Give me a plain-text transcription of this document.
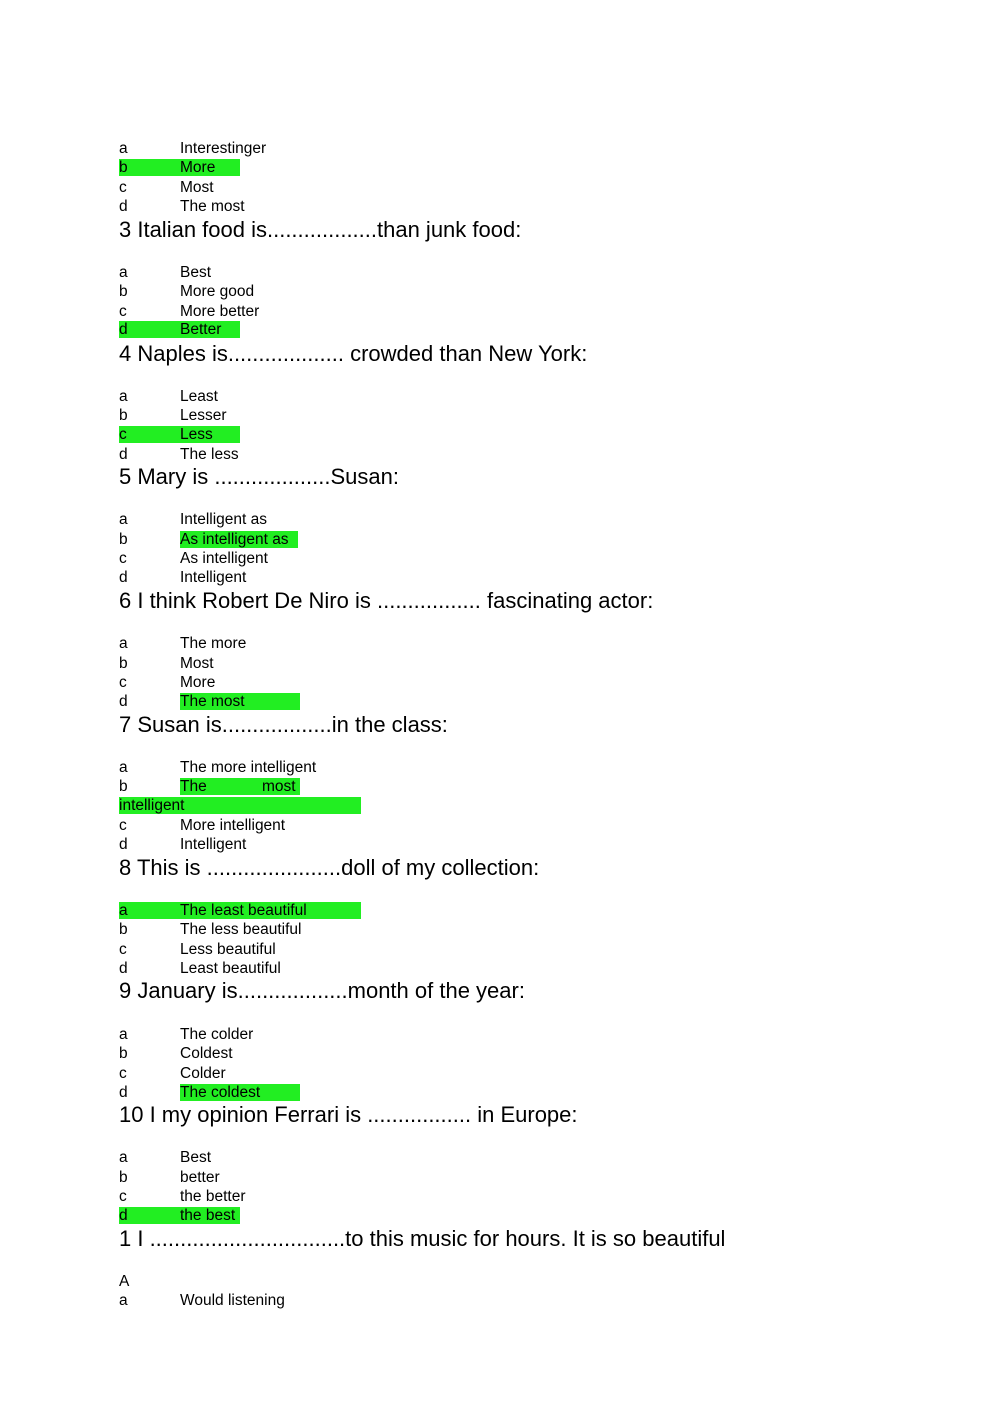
a	Interestinger
b	More
c	Most
d	The most
3 Italian food is..................than junk food:
a	Best
b	More good
c	More better
d	Better
4 Naples is................... crowded than New York:
a	Least
b	Lesser
c	Less
d	The less
5 Mary is ...................Susan:
a	Intelligent as
b	As intelligent as
c	As intelligent
d	Intelligent
6 I think Robert De Niro is ................. fascinating actor:
a	The more
b	Most
c	More
d	The most
7 Susan is..................in the class:
a	The more intelligent
b	The	most
intelligent
c	More intelligent
d	Intelligent
8 This is ......................doll of my collection:
a	The least beautiful
b	The less beautiful
c	Less beautiful
d	Least beautiful
9 January is..................month of the year:
a	The colder
b	Coldest
c	Colder
d	The coldest
10 I my opinion Ferrari is ................. in Europe:
a	Best
b	better
c	the better
d	the best
1 I ................................to this music for hours. It is so beautiful
A
a	Would listening
